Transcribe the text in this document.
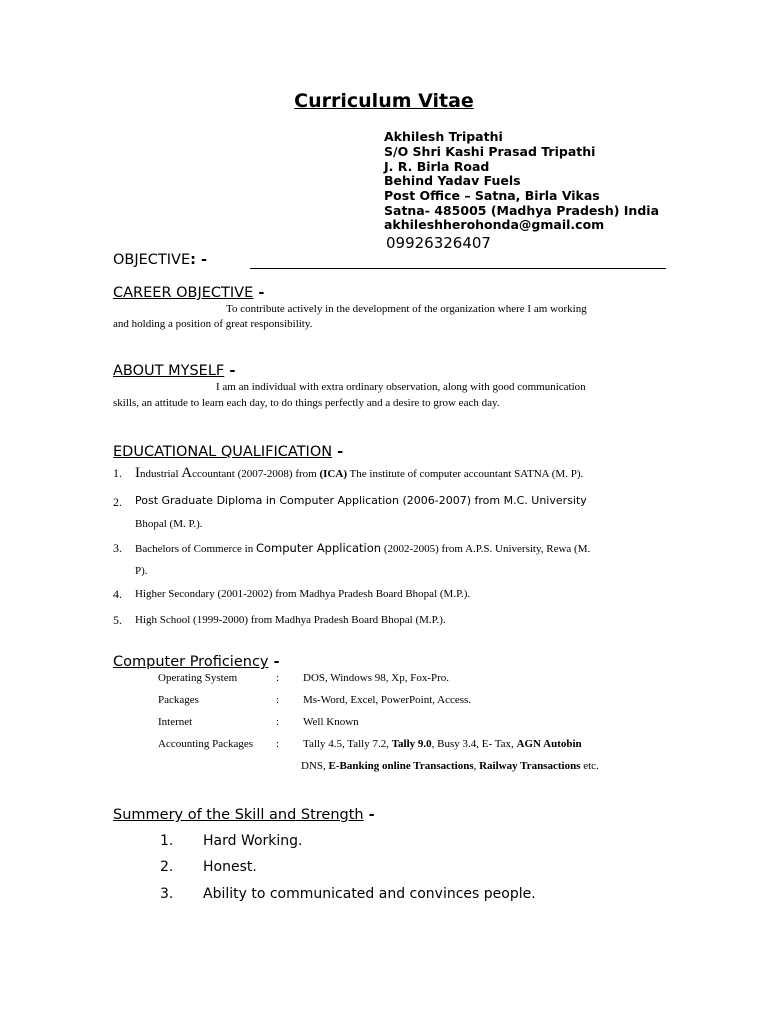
Curriculum Vitae
Akhilesh Tripathi
S/O Shri Kashi Prasad Tripathi
J. R. Birla Road
Behind Yadav Fuels
Post Office – Satna, Birla Vikas
Satna- 485005 (Madhya Pradesh) India
akhileshherohonda@gmail.com
09926326407
OBJECTIVE: -
CAREER OBJECTIVE -
To contribute actively in the development of the organization where I am working
and holding a position of great responsibility.
ABOUT MYSELF -
I am an individual with extra ordinary observation, along with good communication
skills, an attitude to learn each day, to do things perfectly and a desire to grow each day.
EDUCATIONAL QUALIFICATION -
1. Industrial Accountant (2007-2008) from (ICA) The institute of computer accountant SATNA (M. P).
2. Post Graduate Diploma in Computer Application (2006-2007) from M.C. University
Bhopal (M. P.).
3. Bachelors of Commerce in Computer Application (2002-2005) from A.P.S. University, Rewa (M.
P).
4. Higher Secondary (2001-2002) from Madhya Pradesh Board Bhopal (M.P.).
5. High School (1999-2000) from Madhya Pradesh Board Bhopal (M.P.).
Computer Proficiency -
Operating System	: DOS, Windows 98, Xp, Fox-Pro.
Packages	: Ms-Word, Excel, PowerPoint, Access.
Internet	: Well Known
Accounting Packages : Tally 4.5, Tally 7.2, Tally 9.0, Busy 3.4, E- Tax, AGN Autobin
DNS, E-Banking online Transactions, Railway Transactions etc.
Summery of the Skill and Strength -
1. Hard Working.
2. Honest.
3. Ability to communicated and convinces people.
